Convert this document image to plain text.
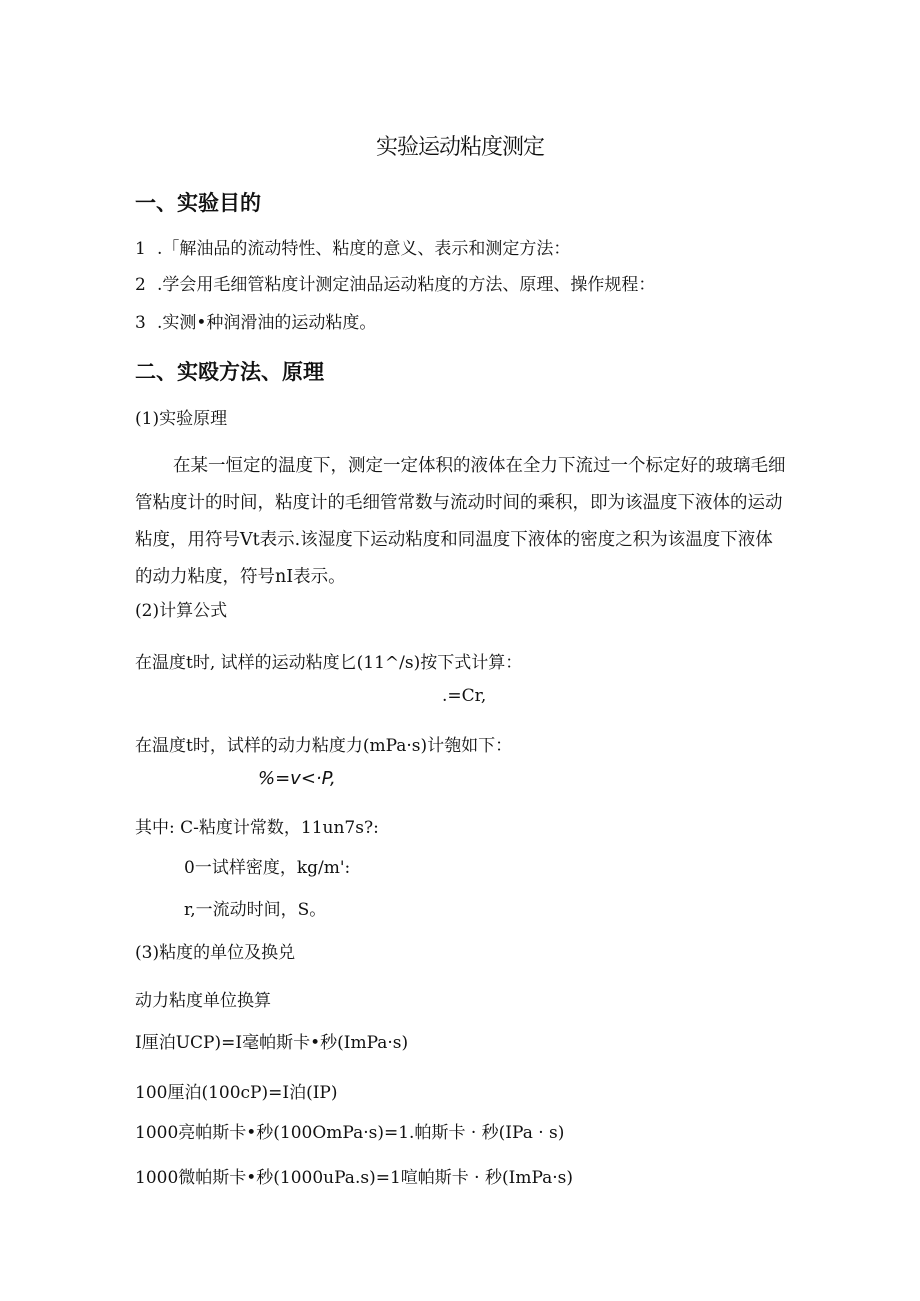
实验运动粘度测定
一、实验目的
1 .「解油品的流动特性、粘度的意义、表示和测定方法：
2 .学会用毛细管粘度计测定油品运动粘度的方法、原理、操作规程：
3 .实测•种润滑油的运动粘度。
二、实殴方法、原理
(1)实验原理
在某一恒定的温度下，测定一定体积的液体在全力下流过一个标定好的玻璃毛细管粘度计的时间，粘度计的毛细管常数与流动时间的乘积，即为该温度下液体的运动粘度，用符号Vt表示.该湿度下运动粘度和同温度下液体的密度之积为该温度下液体的动力粘度，符号nI表示。
(2)计算公式
在温度t时, 试样的运动粘度匕(11^/s)按下式计算：
.=Cr,
在温度t时，试样的动力粘度力(mPa·s)计匏如下：
%=v<·P,
其中: C-粘度计常数，11un7s?:
0一试样密度，kg/m':
r,一流动时间，S。
(3)粘度的单位及换兑
动力粘度单位换算
I厘泊UCP)=I毫帕斯卡•秒(ImPa·s)
100厘泊(100cP)=I泊(IP)
1000亮帕斯卡•秒(100OmPa·s)=1.帕斯卡 · 秒(IPa · s)
1000微帕斯卡•秒(1000uPa.s)=1喧帕斯卡 · 秒(ImPa·s)
